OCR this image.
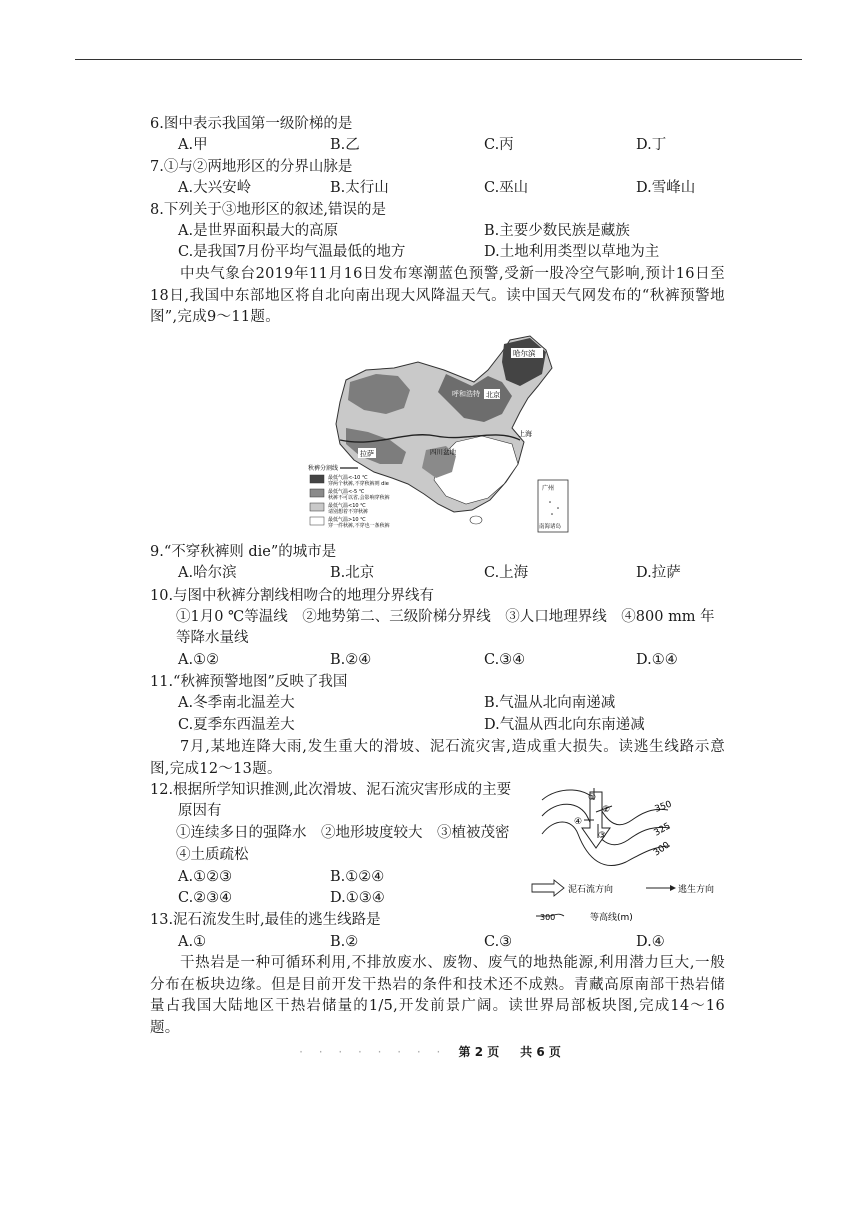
6.图中表示我国第一级阶梯的是
A.甲	B.乙	C.丙	D.丁
7.①与②两地形区的分界山脉是
A.大兴安岭	B.太行山	C.巫山	D.雪峰山
8.下列关于③地形区的叙述,错误的是
A.是世界面积最大的高原	B.主要少数民族是藏族
C.是我国7月份平均气温最低的地方	D.土地利用类型以草地为主
中央气象台2019年11月16日发布寒潮蓝色预警,受新一股冷空气影响,预计16日至18日,我国中东部地区将自北向南出现大风降温天气。读中国天气网发布的“秋裤预警地图”,完成9～11题。
哈尔滨
呼和浩特 北京
上海
拉萨	四川盆地
广州
南海诸岛
秋裤分割线
最低气温<-10 ℃
穿两个秋裤,不穿秋裤则 die
最低气温<-5 ℃
秋裤不可以省,会影响穿秋裤
最低气温<10 ℃
请别想着不穿秋裤
最低气温>10 ℃
穿一件秋裤,不穿也一条秋裤
9.“不穿秋裤则 die”的城市是
A.哈尔滨	B.北京	C.上海	D.拉萨
10.与图中秋裤分割线相吻合的地理分界线有
①1月0 ℃等温线　②地势第二、三级阶梯分界线　③人口地理界线　④800 mm 年
等降水量线
A.①②	B.②④	C.③④	D.①④
11.“秋裤预警地图”反映了我国
A.冬季南北温差大	B.气温从北向南递减
C.夏季东西温差大	D.气温从西北向东南递减
7月,某地连降大雨,发生重大的滑坡、泥石流灾害,造成重大损失。读逃生线路示意图,完成12～13题。
12.根据所学知识推测,此次滑坡、泥石流灾害形成的主要
原因有
①连续多日的强降水　②地形坡度较大　③植被茂密
④土质疏松
A.①②③	B.①②④
C.②③④	D.①③④
350
325
300
①
②
④
③
泥石流方向	逃生方向
300	等高线(m)
13.泥石流发生时,最佳的逃生线路是
A.①	B.②	C.③	D.④
干热岩是一种可循环利用,不排放废水、废物、废气的地热能源,利用潜力巨大,一般分布在板块边缘。但是目前开发干热岩的条件和技术还不成熟。青藏高原南部干热岩储量占我国大陆地区干热岩储量的1/5,开发前景广阔。读世界局部板块图,完成14～16题。
· · · · · · · · 第 2 页 共 6 页
